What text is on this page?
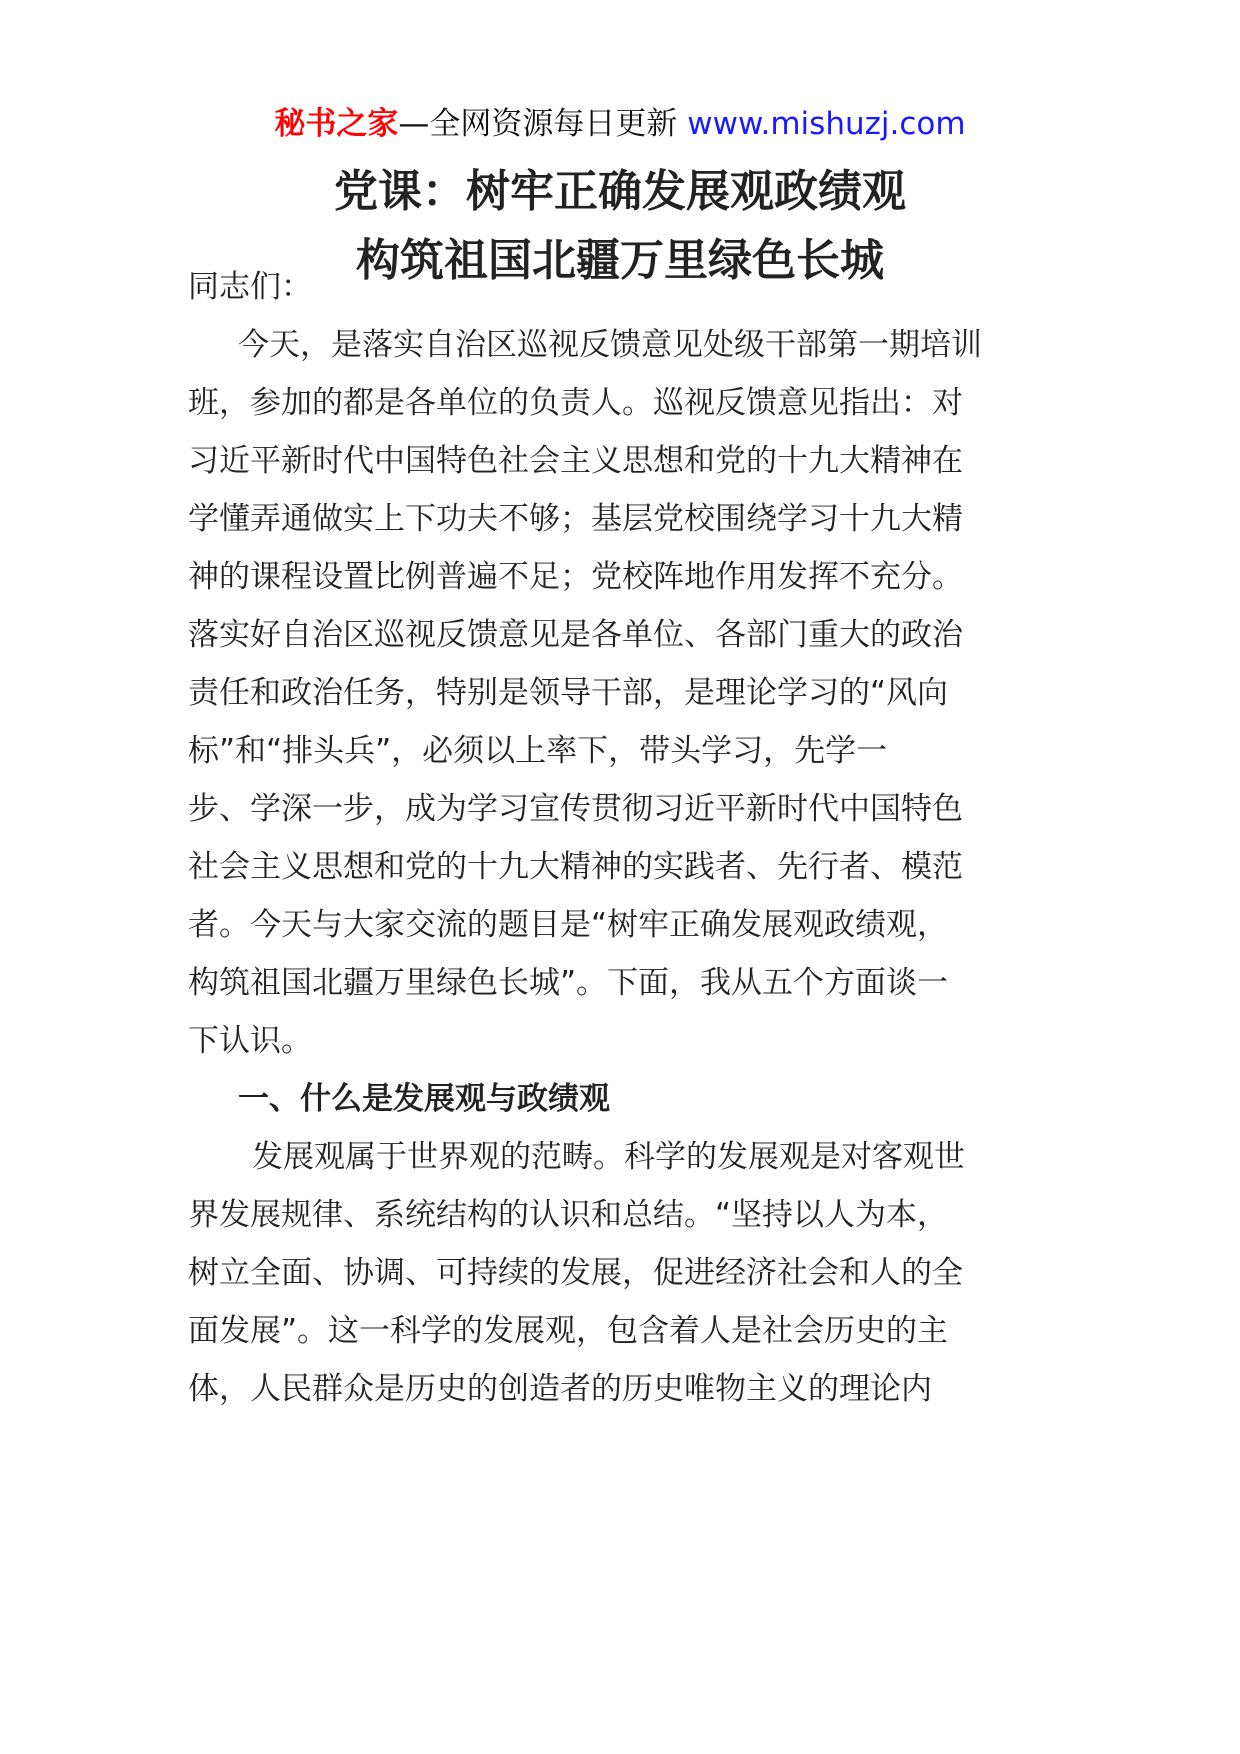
秘书之家—全网资源每日更新 www.mishuzj.com
党课：树牢正确发展观政绩观
构筑祖国北疆万里绿色长城
同志们：
今天，是落实自治区巡视反馈意见处级干部第一期培训
班，参加的都是各单位的负责人。巡视反馈意见指出：对
习近平新时代中国特色社会主义思想和党的十九大精神在
学懂弄通做实上下功夫不够；基层党校围绕学习十九大精
神的课程设置比例普遍不足；党校阵地作用发挥不充分。
落实好自治区巡视反馈意见是各单位、各部门重大的政治
责任和政治任务，特别是领导干部，是理论学习的“风向
标”和“排头兵”，必须以上率下，带头学习，先学一
步、学深一步，成为学习宣传贯彻习近平新时代中国特色
社会主义思想和党的十九大精神的实践者、先行者、模范
者。今天与大家交流的题目是“树牢正确发展观政绩观，
构筑祖国北疆万里绿色长城”。下面，我从五个方面谈一
下认识。
一、什么是发展观与政绩观
发展观属于世界观的范畴。科学的发展观是对客观世
界发展规律、系统结构的认识和总结。“坚持以人为本，
树立全面、协调、可持续的发展，促进经济社会和人的全
面发展”。这一科学的发展观，包含着人是社会历史的主
体，人民群众是历史的创造者的历史唯物主义的理论内
